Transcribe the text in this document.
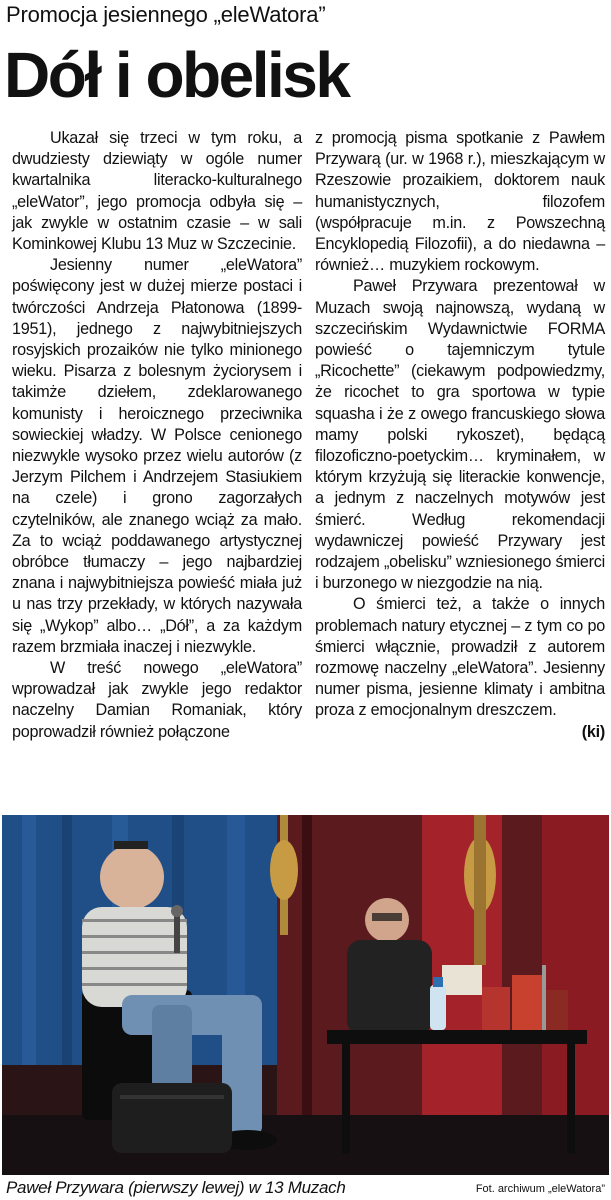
Promocja jesiennego „eleWatora”
Dół i obelisk

Ukazał się trzeci w tym roku, a dwudziesty dziewiąty w ogóle numer kwartalnika literacko-kulturalnego „eleWator”, jego promocja odbyła się – jak zwykle w ostatnim czasie – w sali Kominkowej Klubu 13 Muz w Szczecinie.

Jesienny numer „eleWatora” poświęcony jest w dużej mierze postaci i twórczości Andrzeja Płatonowa (1899-1951), jednego z najwybitniejszych rosyjskich prozaików nie tylko minionego wieku. Pisarza z bolesnym życiorysem i takimże dziełem, zdeklarowanego komunisty i heroicznego przeciwnika sowieckiej władzy. W Polsce cenionego niezwykle wysoko przez wielu autorów (z Jerzym Pilchem i Andrzejem Stasiukiem na czele) i grono zagorzałych czytelników, ale znanego wciąż za mało. Za to wciąż poddawanego artystycznej obróbce tłumaczy – jego najbardziej znana i najwybitniejsza powieść miała już u nas trzy przekłady, w których nazywała się „Wykop” albo… „Dół”, a za każdym razem brzmiała inaczej i niezwykle.

W treść nowego „eleWatora” wprowadzał jak zwykle jego redaktor naczelny Damian Romaniak, który poprowadził również połączone

z promocją pisma spotkanie z Pawłem Przywarą (ur. w 1968 r.), mieszkającym w Rzeszowie prozaikiem, doktorem nauk humanistycznych, filozofem (współpracuje m.in. z Powszechną Encyklopedią Filozofii), a do niedawna – również… muzykiem rockowym.

Paweł Przywara prezentował w Muzach swoją najnowszą, wydaną w szczecińskim Wydawnictwie FORMA powieść o tajemniczym tytule „Ricochette” (ciekawym podpowiedzmy, że ricochet to gra sportowa w typie squasha i że z owego francuskiego słowa mamy polski rykoszet), będącą filozoficzno-poetyckim… kryminałem, w którym krzyżują się literackie konwencje, a jednym z naczelnych motywów jest śmierć. Według rekomendacji wydawniczej powieść Przywary jest rodzajem „obelisku” wzniesionego śmierci i burzonego w niezgodzie na nią.

O śmierci też, a także o innych problemach natury etycznej – z tym co po śmierci włącznie, prowadził z autorem rozmowę naczelny „eleWatora”. Jesienny numer pisma, jesienne klimaty i ambitna proza z emocjonalnym dreszczem.
(ki)

Paweł Przywara (pierwszy lewej) w 13 Muzach	Fot. archiwum „eleWatora”
